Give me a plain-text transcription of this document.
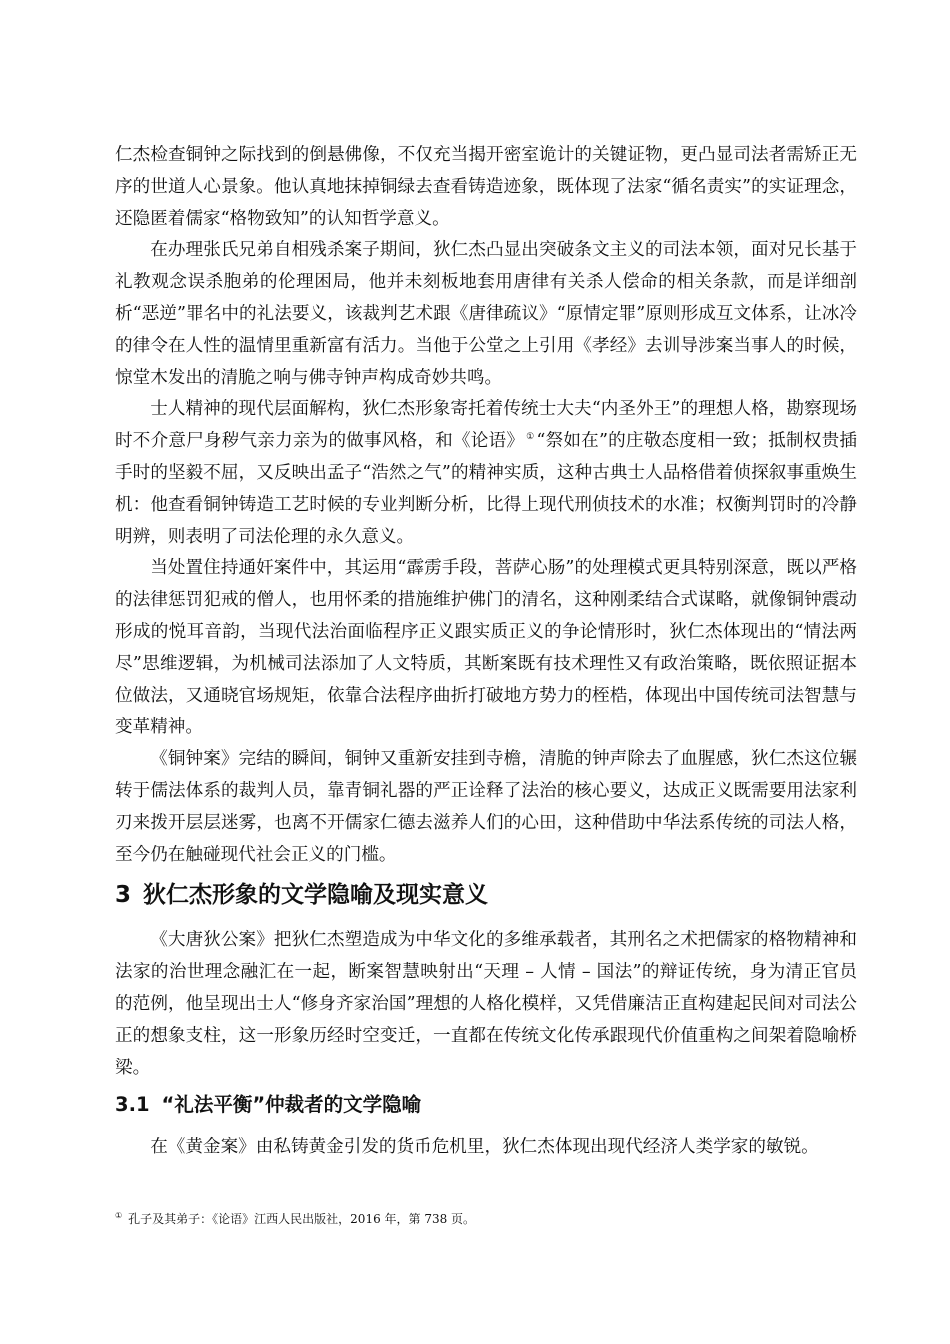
仁杰检查铜钟之际找到的倒悬佛像，不仅充当揭开密室诡计的关键证物，更凸显司法者需矫正无序的世道人心景象。他认真地抹掉铜绿去查看铸造迹象，既体现了法家“循名责实”的实证理念，还隐匿着儒家“格物致知”的认知哲学意义。

在办理张氏兄弟自相残杀案子期间，狄仁杰凸显出突破条文主义的司法本领，面对兄长基于礼教观念误杀胞弟的伦理困局，他并未刻板地套用唐律有关杀人偿命的相关条款，而是详细剖析“恶逆”罪名中的礼法要义，该裁判艺术跟《唐律疏议》“原情定罪”原则形成互文体系，让冰冷的律令在人性的温情里重新富有活力。当他于公堂之上引用《孝经》去训导涉案当事人的时候，惊堂木发出的清脆之响与佛寺钟声构成奇妙共鸣。

士人精神的现代层面解构，狄仁杰形象寄托着传统士大夫“内圣外王”的理想人格，勘察现场时不介意尸身秽气亲力亲为的做事风格，和《论语》 ① “祭如在”的庄敬态度相一致；抵制权贵插手时的坚毅不屈，又反映出孟子“浩然之气”的精神实质，这种古典士人品格借着侦探叙事重焕生机：他查看铜钟铸造工艺时候的专业判断分析，比得上现代刑侦技术的水准；权衡判罚时的冷静明辨，则表明了司法伦理的永久意义。

当处置住持通奸案件中，其运用“霹雳手段，菩萨心肠”的处理模式更具特别深意，既以严格的法律惩罚犯戒的僧人，也用怀柔的措施维护佛门的清名，这种刚柔结合式谋略，就像铜钟震动形成的悦耳音韵，当现代法治面临程序正义跟实质正义的争论情形时，狄仁杰体现出的“情法两尽”思维逻辑，为机械司法添加了人文特质，其断案既有技术理性又有政治策略，既依照证据本位做法，又通晓官场规矩，依靠合法程序曲折打破地方势力的桎梏，体现出中国传统司法智慧与变革精神。

《铜钟案》完结的瞬间，铜钟又重新安挂到寺檐，清脆的钟声除去了血腥感，狄仁杰这位辗转于儒法体系的裁判人员，靠青铜礼器的严正诠释了法治的核心要义，达成正义既需要用法家利刃来拨开层层迷雾，也离不开儒家仁德去滋养人们的心田，这种借助中华法系传统的司法人格，至今仍在触碰现代社会正义的门槛。

3 狄仁杰形象的文学隐喻及现实意义

《大唐狄公案》把狄仁杰塑造成为中华文化的多维承载者，其刑名之术把儒家的格物精神和法家的治世理念融汇在一起，断案智慧映射出“天理 – 人情 – 国法”的辩证传统，身为清正官员的范例，他呈现出士人“修身齐家治国”理想的人格化模样，又凭借廉洁正直构建起民间对司法公正的想象支柱，这一形象历经时空变迁，一直都在传统文化传承跟现代价值重构之间架着隐喻桥梁。

3.1 “礼法平衡”仲裁者的文学隐喻

在《黄金案》由私铸黄金引发的货币危机里，狄仁杰体现出现代经济人类学家的敏锐。

① 孔子及其弟子：《论语》江西人民出版社，2016 年，第 738 页。
